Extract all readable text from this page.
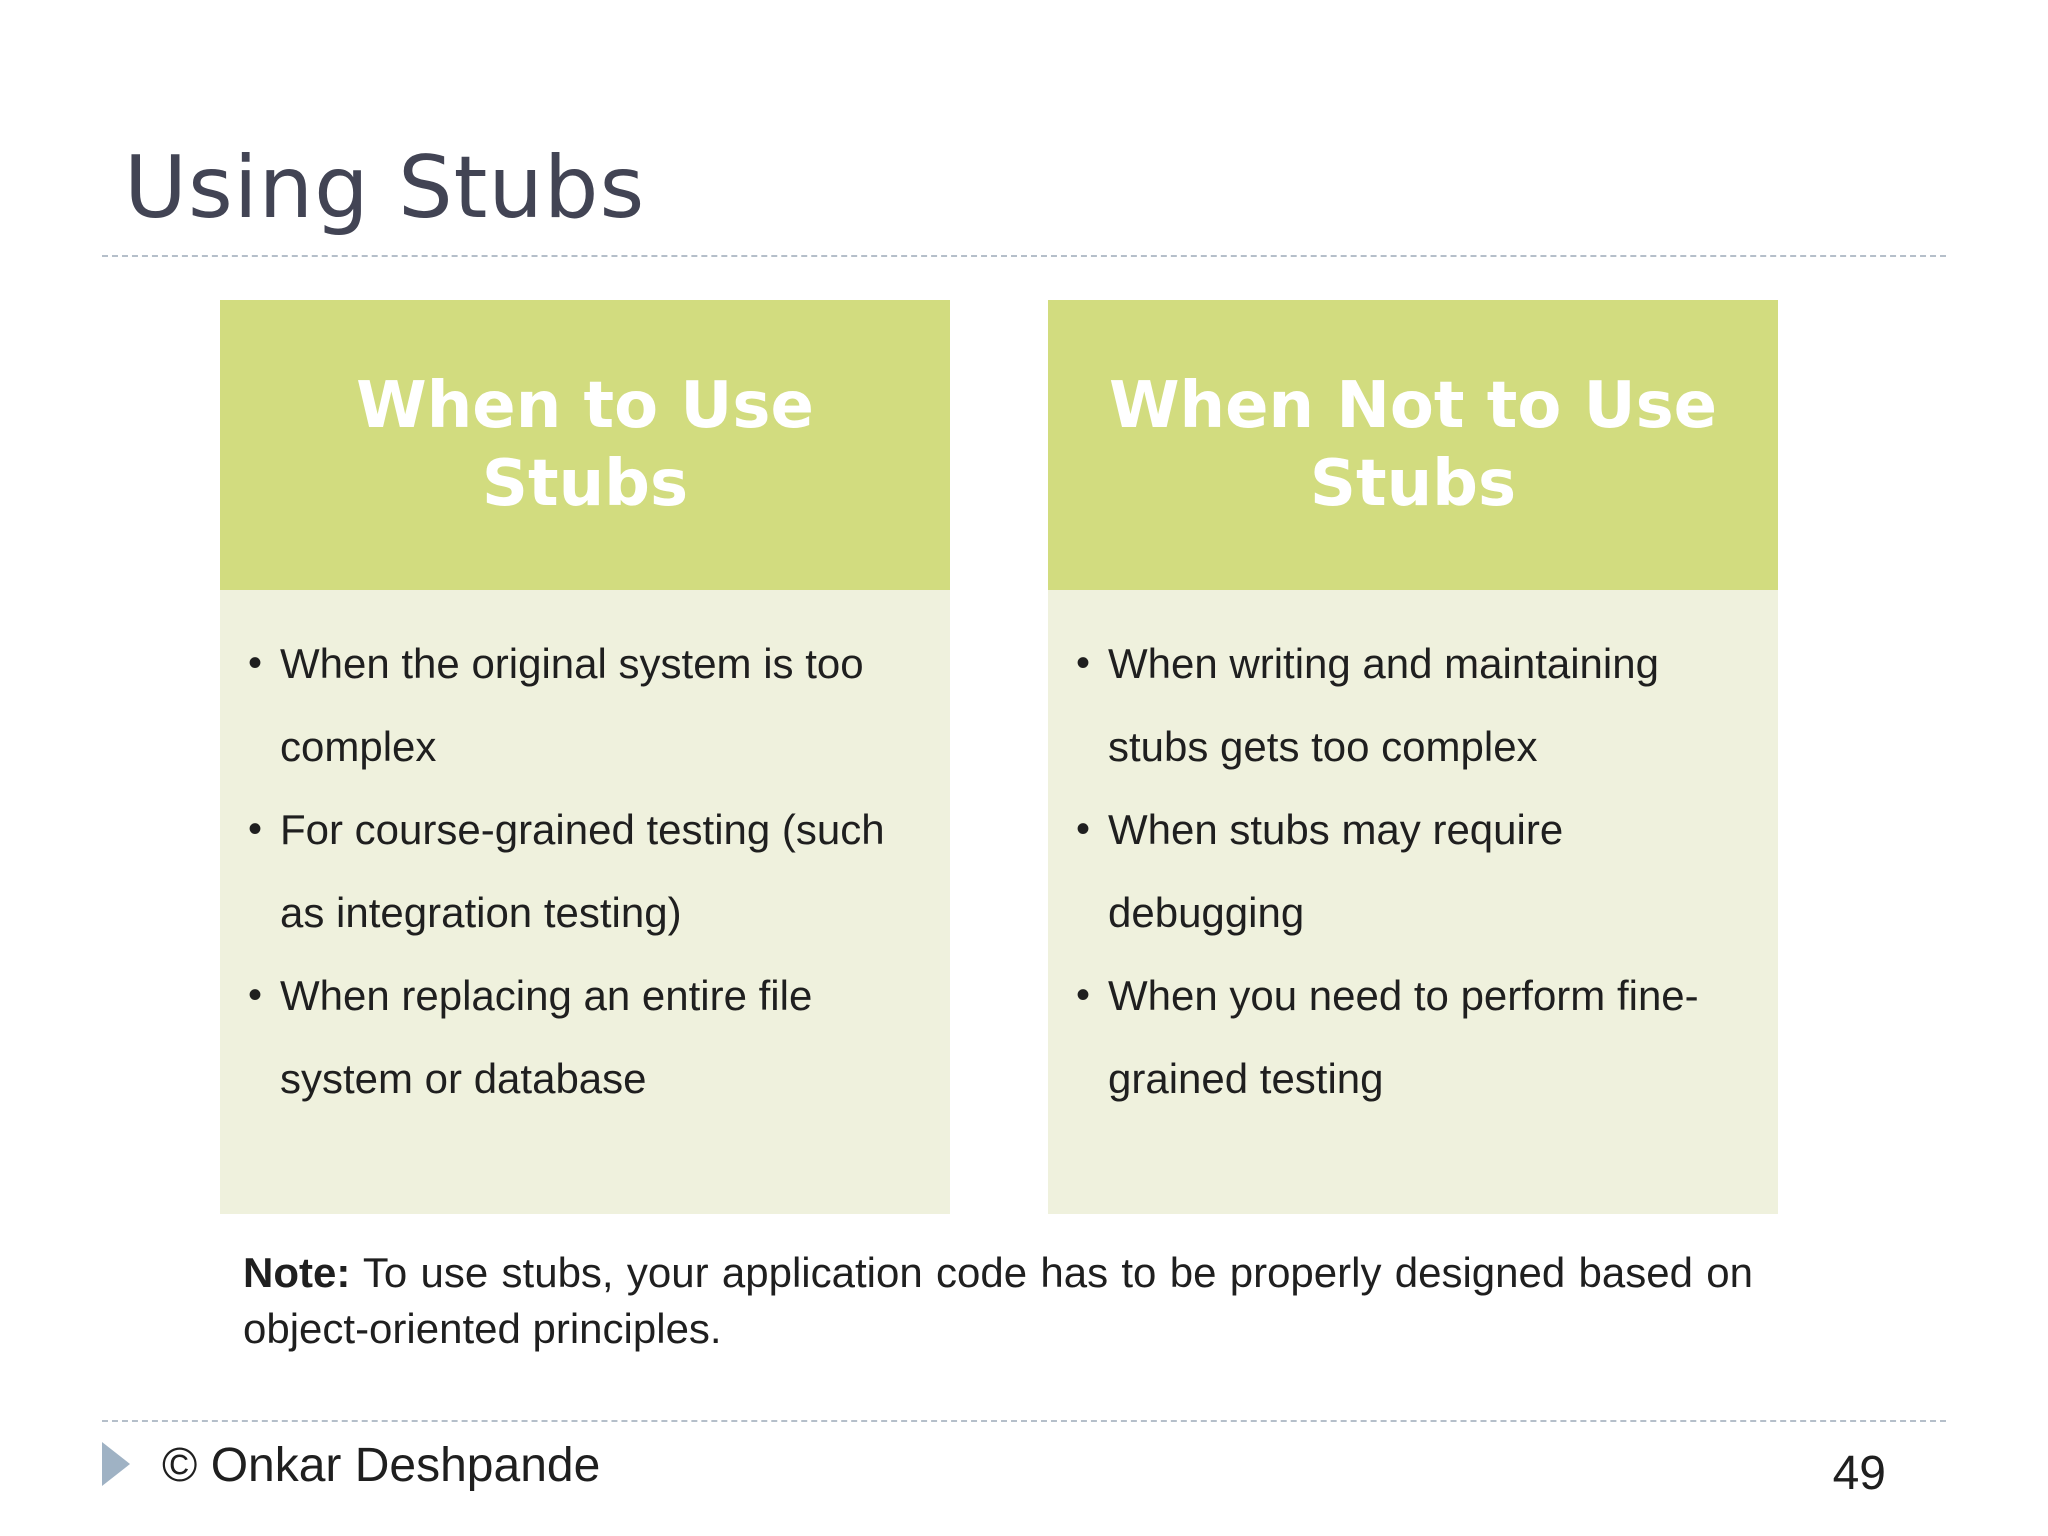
Using Stubs
When to Use Stubs
• When the original system is too complex
• For course-grained testing (such as integration testing)
• When replacing an entire file system or database
When Not to Use Stubs
• When writing and maintaining stubs gets too complex
• When stubs may require debugging
• When you need to perform fine-grained testing
Note: To use stubs, your application code has to be properly designed based on object-oriented principles.
© Onkar Deshpande	49
